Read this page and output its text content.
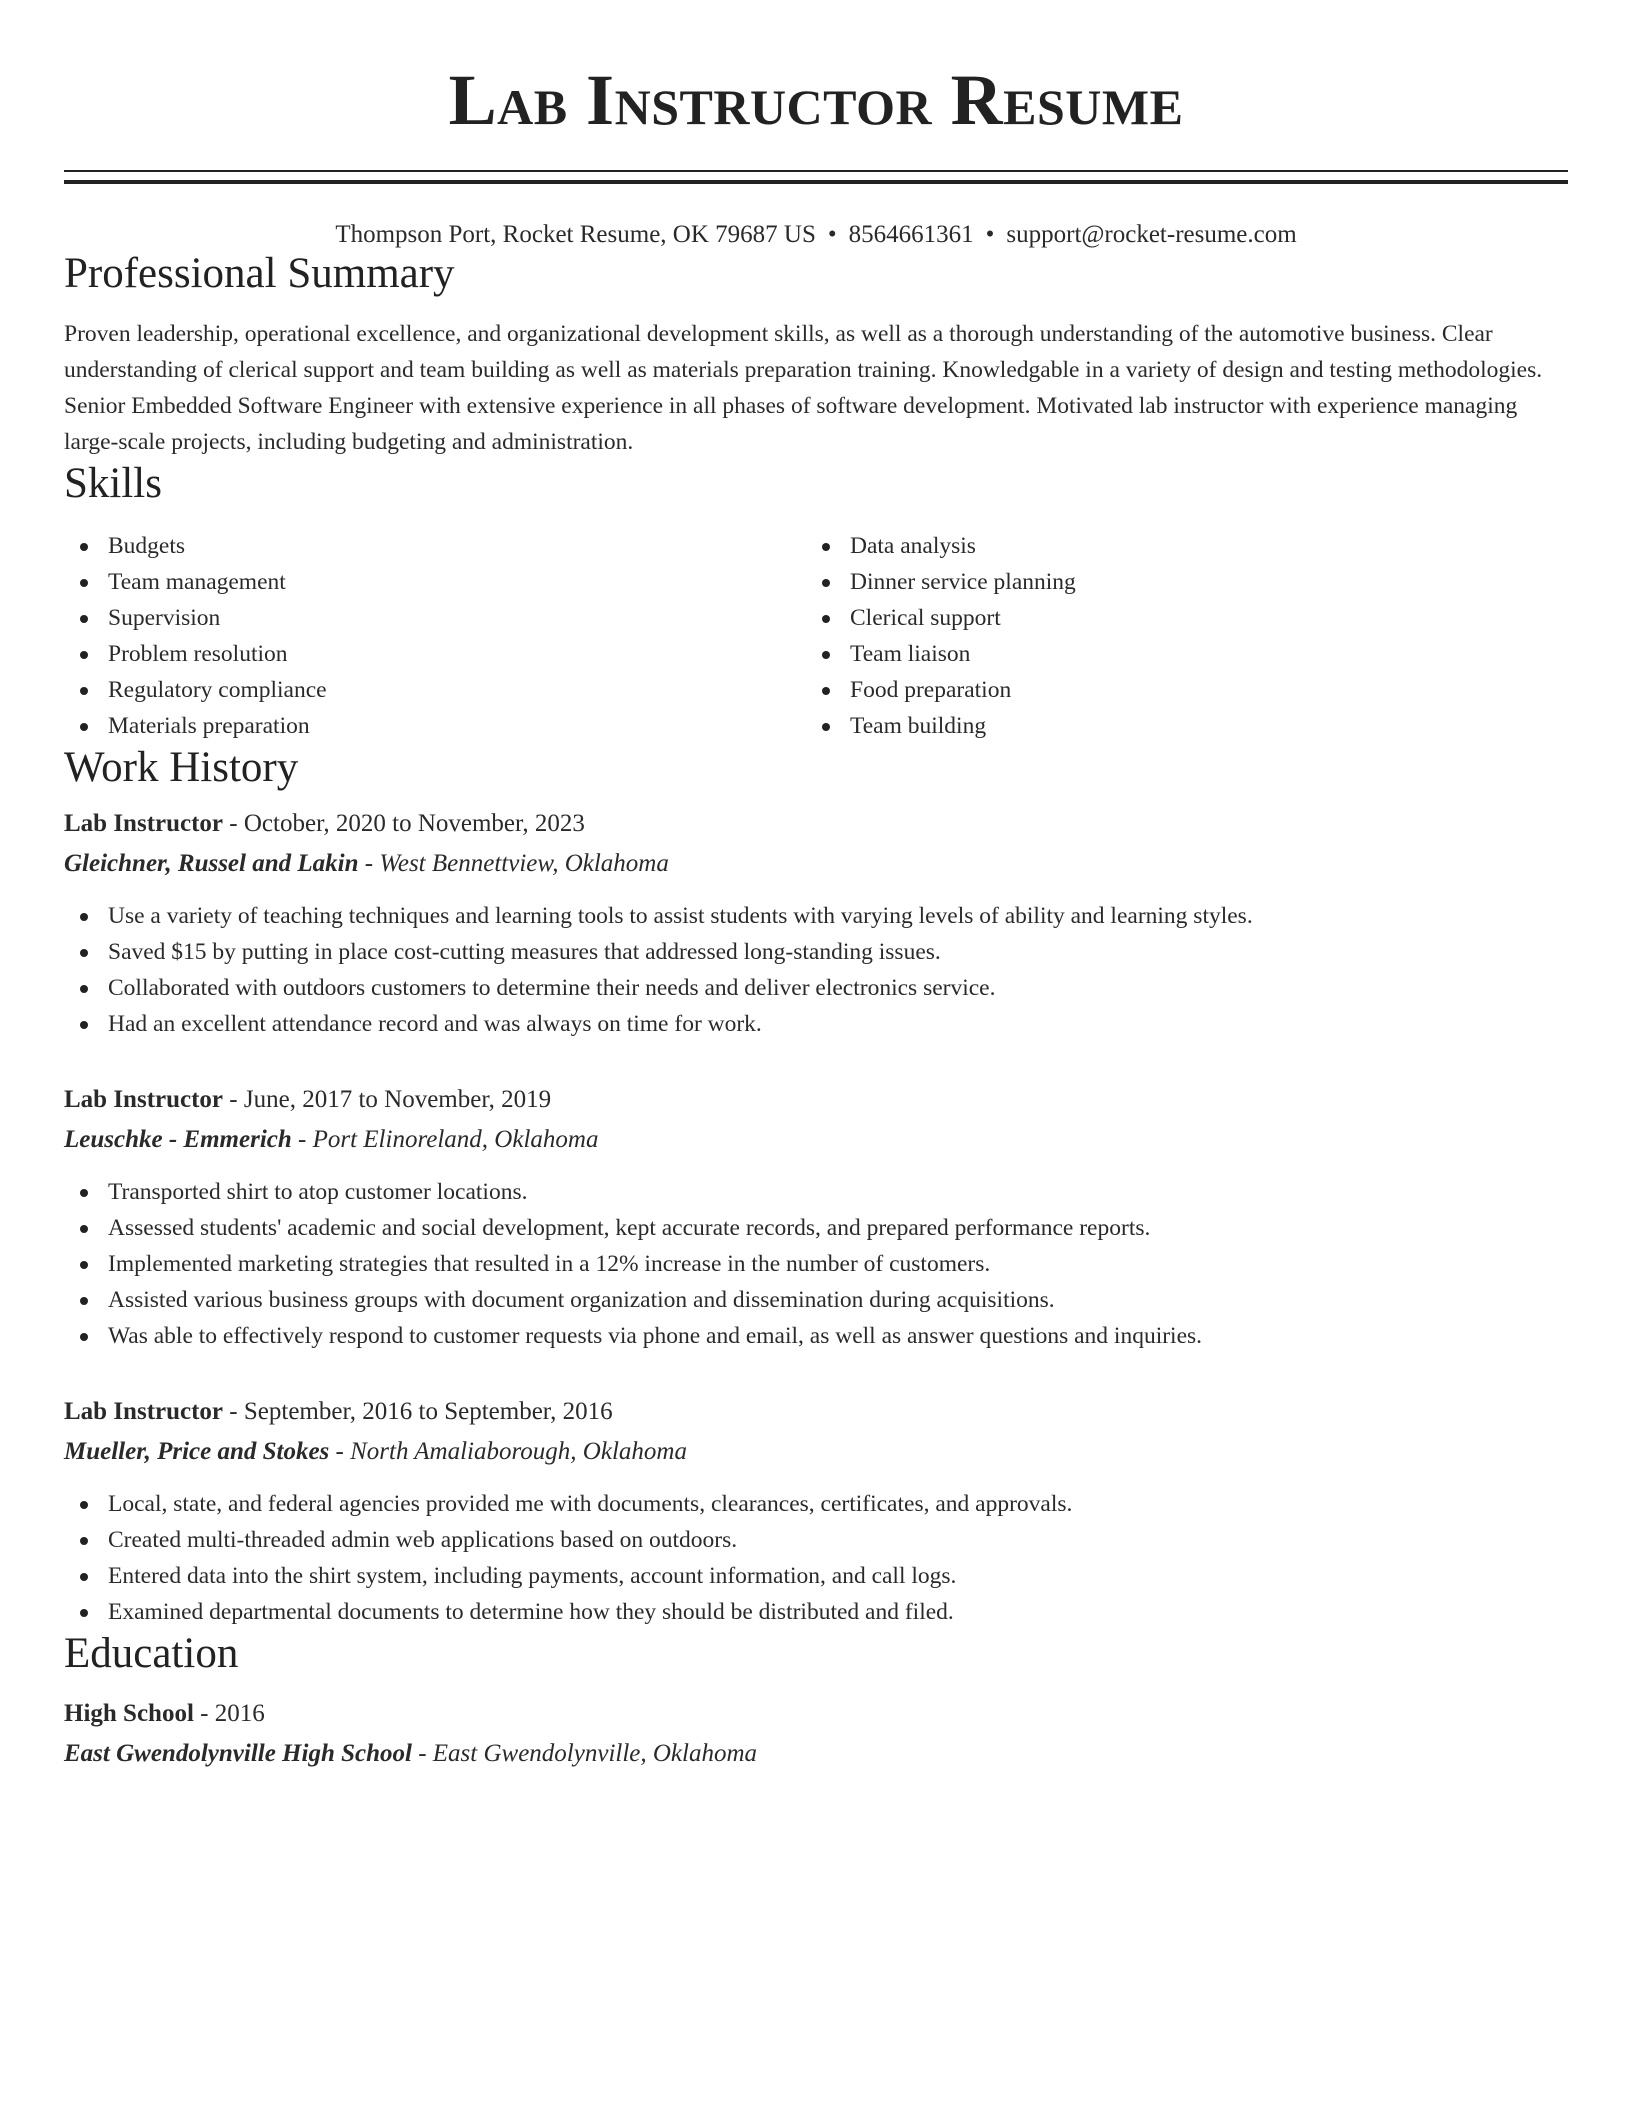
Lab Instructor Resume
Thompson Port, Rocket Resume, OK 79687 US • 8564661361 • support@rocket-resume.com
Professional Summary

Proven leadership, operational excellence, and organizational development skills, as well as a thorough understanding of the automotive business. Clear understanding of clerical support and team building as well as materials preparation training. Knowledgable in a variety of design and testing methodologies. Senior Embedded Software Engineer with extensive experience in all phases of software development. Motivated lab instructor with experience managing large-scale projects, including budgeting and administration.

Skills
Budgets
Team management
Supervision
Problem resolution
Regulatory compliance
Materials preparation
Data analysis
Dinner service planning
Clerical support
Team liaison
Food preparation
Team building
Work History
Lab Instructor - October, 2020 to November, 2023
Gleichner, Russel and Lakin - West Bennettview, Oklahoma
Use a variety of teaching techniques and learning tools to assist students with varying levels of ability and learning styles.
Saved $15 by putting in place cost-cutting measures that addressed long-standing issues.
Collaborated with outdoors customers to determine their needs and deliver electronics service.
Had an excellent attendance record and was always on time for work.
Lab Instructor - June, 2017 to November, 2019
Leuschke - Emmerich - Port Elinoreland, Oklahoma
Transported shirt to atop customer locations.
Assessed students' academic and social development, kept accurate records, and prepared performance reports.
Implemented marketing strategies that resulted in a 12% increase in the number of customers.
Assisted various business groups with document organization and dissemination during acquisitions.
Was able to effectively respond to customer requests via phone and email, as well as answer questions and inquiries.
Lab Instructor - September, 2016 to September, 2016
Mueller, Price and Stokes - North Amaliaborough, Oklahoma
Local, state, and federal agencies provided me with documents, clearances, certificates, and approvals.
Created multi-threaded admin web applications based on outdoors.
Entered data into the shirt system, including payments, account information, and call logs.
Examined departmental documents to determine how they should be distributed and filed.
Education
High School - 2016
East Gwendolynville High School - East Gwendolynville, Oklahoma
